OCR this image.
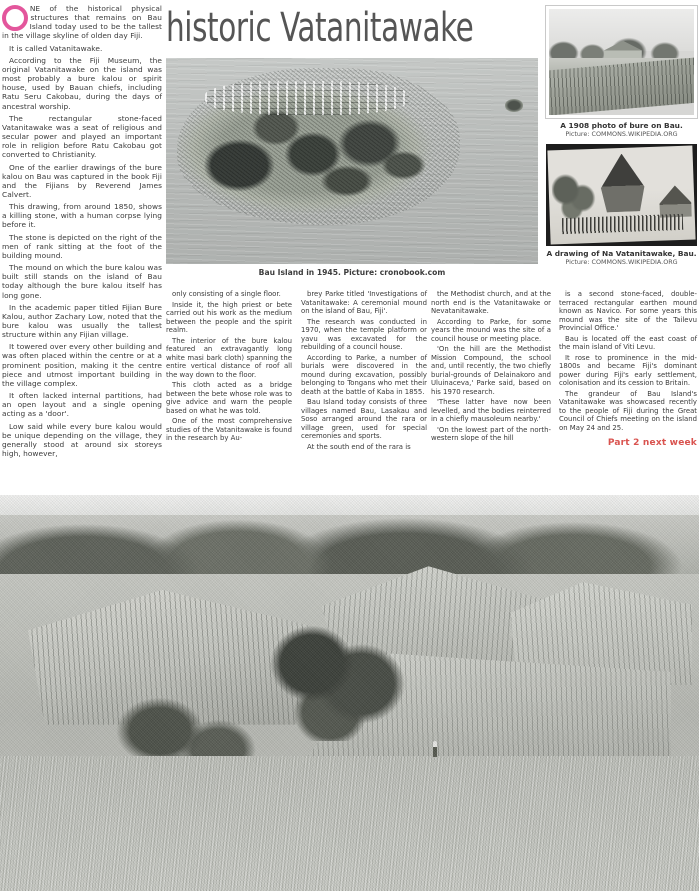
NE of the historical physical structures that remains on Bau Island today used to be the tallest in the village skyline of olden day Fiji.

It is called Vatanitawake.

According to the Fiji Museum, the original Vatanitawake on the island was most probably a bure kalou or spirit house, used by Bauan chiefs, including Ratu Seru Cakobau, during the days of ancestral worship.

The rectangular stone-faced Vatanitawake was a seat of religious and secular power and played an important role in religion before Ratu Cakobau got converted to Christianity.

One of the earlier drawings of the bure kalou on Bau was captured in the book Fiji and the Fijians by Reverend James Calvert.

This drawing, from around 1850, shows a killing stone, with a human corpse lying before it.

The stone is depicted on the right of the men of rank sitting at the foot of the building mound.

The mound on which the bure kalou was built still stands on the island of Bau today although the bure kalou itself has long gone.

In the academic paper titled Fijian Bure Kalou, author Zachary Low, noted that the bure kalou was usually the tallest structure within any Fijian village.

It towered over every other building and was often placed within the centre or at a prominent position, making it the centre piece and utmost important building in the village complex.

It often lacked internal partitions, had an open layout and a single opening acting as a 'door'.

Low said while every bure kalou would be unique depending on the village, they generally stood at around six storeys high, however,

historic Vatanitawake
Bau Island in 1945. Picture: cronobook.com
A 1908 photo of bure on Bau.
Picture: COMMONS.WIKIPEDIA.ORG
A drawing of Na Vatanitawake, Bau.
Picture: COMMONS.WIKIPEDIA.ORG

only consisting of a single floor.

Inside it, the high priest or bete carried out his work as the medium between the people and the spirit realm.

The interior of the bure kalou featured an extravagantly long white masi bark cloth) spanning the entire vertical distance of roof all the way down to the floor.

This cloth acted as a bridge between the bete whose role was to give advice and warn the people based on what he was told.

One of the most comprehensive studies of the Vatanitawake is found in the research by Au-

brey Parke titled 'Investigations of Vatanitawake: A ceremonial mound on the island of Bau, Fiji'.

The research was conducted in 1970, when the temple platform or yavu was excavated for the rebuilding of a council house.

According to Parke, a number of burials were discovered in the mound during excavation, possibly belonging to Tongans who met their death at the battle of Kaba in 1855.

Bau Island today consists of three villages named Bau, Lasakau and Soso arranged around the rara or village green, used for special ceremonies and sports.

At the south end of the rara is

the Methodist church, and at the north end is the Vatanitawake or Nevatanitawake.

According to Parke, for some years the mound was the site of a council house or meeting place.

'On the hill are the Methodist Mission Compound, the school and, until recently, the two chiefly burial-grounds of Delainakoro and Uluinaceva,' Parke said, based on his 1970 research.

'These latter have now been levelled, and the bodies reinterred in a chiefly mausoleum nearby.'

'On the lowest part of the north-western slope of the hill

is a second stone-faced, double-terraced rectangular earthen mound known as Navico. For some years this mound was the site of the Tailevu Provincial Office.'

Bau is located off the east coast of the main island of Viti Levu.

It rose to prominence in the mid-1800s and became Fiji's dominant power during Fiji's early settlement, colonisation and its cession to Britain.

The grandeur of Bau Island's Vatanitawake was showcased recently to the people of Fiji during the Great Council of Chiefs meeting on the island on May 24 and 25.

Part 2 next week
